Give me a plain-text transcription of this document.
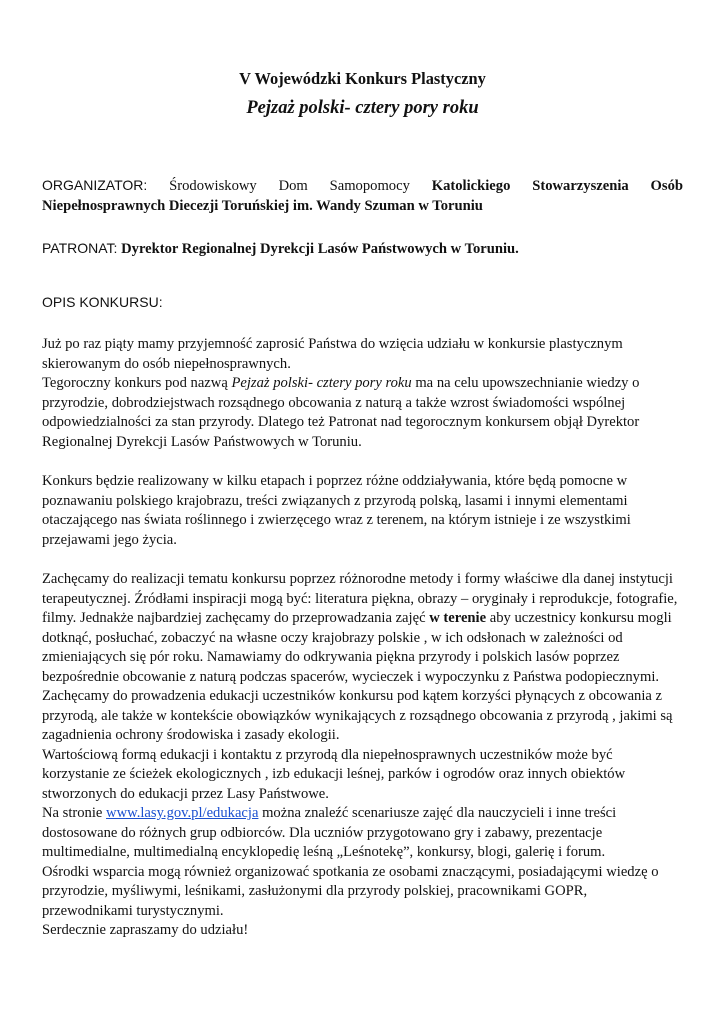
V Wojewódzki Konkurs Plastyczny
Pejzaż polski- cztery pory roku
ORGANIZATOR: Środowiskowy Dom Samopomocy Katolickiego Stowarzyszenia Osób
Niepełnosprawnych Diecezji Toruńskiej im. Wandy Szuman w Toruniu
PATRONAT: Dyrektor Regionalnej Dyrekcji Lasów Państwowych w Toruniu.
OPIS KONKURSU:
Już po raz piąty mamy przyjemność zaprosić Państwa do wzięcia udziału w konkursie plastycznym
skierowanym do osób niepełnosprawnych.
Tegoroczny konkurs pod nazwą Pejzaż polski- cztery pory roku ma na celu upowszechnianie wiedzy o
przyrodzie, dobrodziejstwach rozsądnego obcowania z naturą a także wzrost świadomości wspólnej
odpowiedzialności za stan przyrody. Dlatego też Patronat nad tegorocznym konkursem objął Dyrektor
Regionalnej Dyrekcji Lasów Państwowych w Toruniu.
Konkurs będzie realizowany w kilku etapach i poprzez różne oddziaływania, które będą pomocne w
poznawaniu polskiego krajobrazu, treści związanych z przyrodą polską, lasami i innymi elementami
otaczającego nas świata roślinnego i zwierzęcego wraz z terenem, na którym istnieje i ze wszystkimi
przejawami jego życia.
Zachęcamy do realizacji tematu konkursu poprzez różnorodne metody i formy właściwe dla danej instytucji
terapeutycznej. Źródłami inspiracji mogą być: literatura piękna, obrazy – oryginały i reprodukcje, fotografie,
filmy. Jednakże najbardziej zachęcamy do przeprowadzania zajęć w terenie aby uczestnicy konkursu mogli
dotknąć, posłuchać, zobaczyć na własne oczy krajobrazy polskie , w ich odsłonach w zależności od
zmieniających się pór roku. Namawiamy do odkrywania piękna przyrody i polskich lasów poprzez
bezpośrednie obcowanie z naturą podczas spacerów, wycieczek i wypoczynku z Państwa podopiecznymi.
Zachęcamy do prowadzenia edukacji uczestników konkursu pod kątem korzyści płynących z obcowania z
przyrodą, ale także w kontekście obowiązków wynikających z rozsądnego obcowania z przyrodą , jakimi są
zagadnienia ochrony środowiska i zasady ekologii.
Wartościową formą edukacji i kontaktu z przyrodą dla niepełnosprawnych uczestników może być
korzystanie ze ścieżek ekologicznych , izb edukacji leśnej, parków i ogrodów oraz innych obiektów
stworzonych do edukacji przez Lasy Państwowe.
Na stronie www.lasy.gov.pl/edukacja można znaleźć scenariusze zajęć dla nauczycieli i inne treści
dostosowane do różnych grup odbiorców. Dla uczniów przygotowano gry i zabawy, prezentacje
multimedialne, multimedialną encyklopedię leśną „Leśnotekę”, konkursy, blogi, galerię i forum.
Ośrodki wsparcia mogą również organizować spotkania ze osobami znaczącymi, posiadającymi wiedzę o
przyrodzie, myśliwymi, leśnikami, zasłużonymi dla przyrody polskiej, pracownikami GOPR,
przewodnikami turystycznymi.
Serdecznie zapraszamy do udziału!
